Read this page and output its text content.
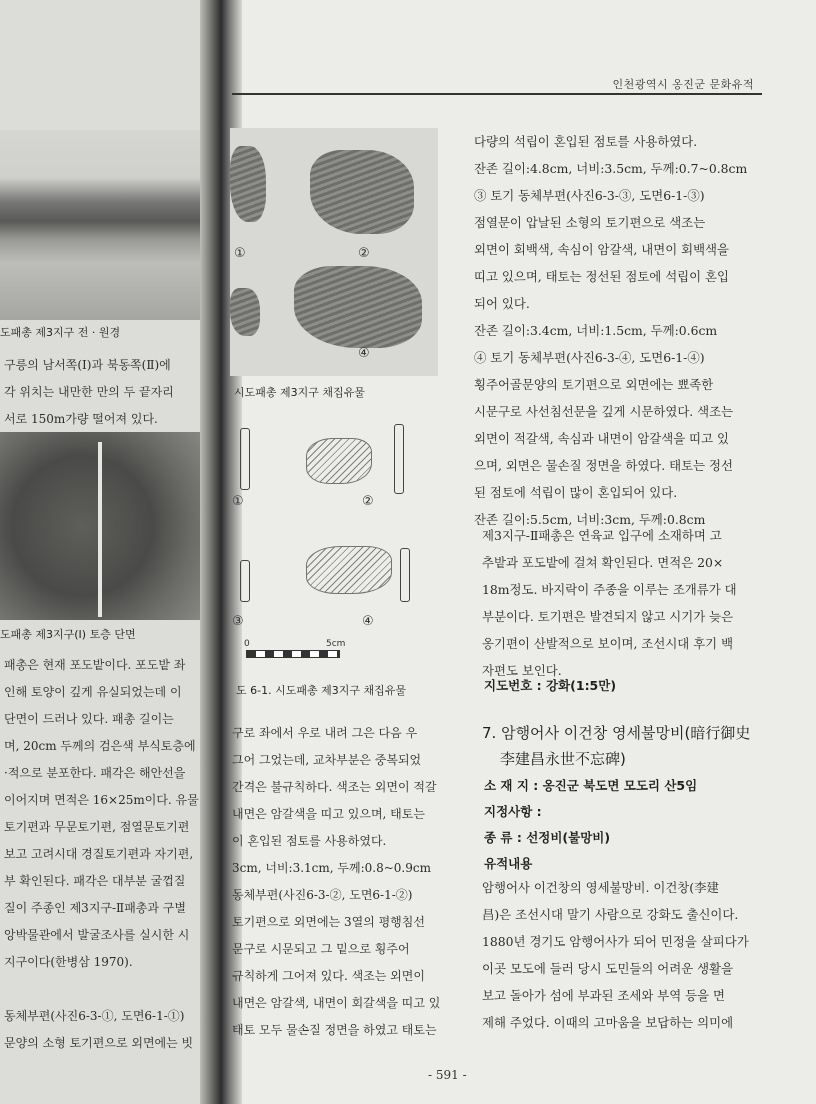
도패총 제3지구 전 · 원경
구릉의 남서쪽(Ⅰ)과 북동쪽(Ⅱ)에
각 위치는 내만한 만의 두 끝자리
서로 150m가량 떨어져 있다.
도패총 제3지구(Ⅰ) 토층 단면
패총은 현재 포도밭이다. 포도밭 좌
인해 토양이 깊게 유실되었는데 이
단면이 드러나 있다. 패총 길이는
며, 20cm 두께의 검은색 부식토층에
·적으로 분포한다. 패각은 해안선을
이어지며 면적은 16×25m이다. 유물
토기편과 무문토기편, 점열문토기편
보고 고려시대 경질토기편과 자기편,
부 확인된다. 패각은 대부분 굴껍질
질이 주종인 제3지구-Ⅱ패총과 구별
앙박물관에서 발굴조사를 실시한 시
지구이다(한병삼 1970).
동체부편(사진6-3-①, 도면6-1-①)
문양의 소형 토기편으로 외면에는 빗
인천광역시 옹진군 문화유적
①	②
④
시도패총 제3지구 채집유물
①	②
③	④
0	5cm
도 6-1. 시도패총 제3지구 채집유물
구로 좌에서 우로 내려 그은 다음 우
그어 그었는데, 교차부분은 중복되었
간격은 불규칙하다. 색조는 외면이 적갈
내면은 암갈색을 띠고 있으며, 태토는
이 혼입된 점토를 사용하였다.
3cm, 너비:3.1cm, 두께:0.8~0.9cm
동체부편(사진6-3-②, 도면6-1-②)
토기편으로 외면에는 3열의 평행침선
문구로 시문되고 그 밑으로 횡주어
규칙하게 그어져 있다. 색조는 외면이
내면은 암갈색, 내면이 회갈색을 띠고 있
태토 모두 물손질 정면을 하였고 태토는
다량의 석립이 혼입된 점토를 사용하였다.
잔존 길이:4.8cm, 너비:3.5cm, 두께:0.7~0.8cm
③ 토기 동체부편(사진6-3-③, 도면6-1-③)
점열문이 압날된 소형의 토기편으로 색조는
외면이 회백색, 속심이 암갈색, 내면이 회백색을
띠고 있으며, 태토는 정선된 점토에 석립이 혼입
되어 있다.
잔존 길이:3.4cm, 너비:1.5cm, 두께:0.6cm
④ 토기 동체부편(사진6-3-④, 도면6-1-④)
횡주어골문양의 토기편으로 외면에는 뾰족한
시문구로 사선침선문을 깊게 시문하였다. 색조는
외면이 적갈색, 속심과 내면이 암갈색을 띠고 있
으며, 외면은 물손질 정면을 하였다. 태토는 정선
된 점토에 석립이 많이 혼입되어 있다.
잔존 길이:5.5cm, 너비:3cm, 두께:0.8cm
제3지구-Ⅱ패총은 연육교 입구에 소재하며 고
추밭과 포도밭에 걸쳐 확인된다. 면적은 20×
18m정도. 바지락이 주종을 이루는 조개류가 대
부분이다. 토기편은 발견되지 않고 시기가 늦은
옹기편이 산발적으로 보이며, 조선시대 후기 백
자편도 보인다.
지도번호 : 강화(1:5만)
7. 암행어사 이건창 영세불망비(暗行御史
李建昌永世不忘碑)
소 재 지 : 옹진군 북도면 모도리 산5임
지정사항 :
종 류 : 선정비(불망비)
유적내용
암행어사 이건창의 영세불망비. 이건창(李建
昌)은 조선시대 말기 사람으로 강화도 출신이다.
1880년 경기도 암행어사가 되어 민정을 살피다가
이곳 모도에 들러 당시 도민들의 어려운 생활을
보고 돌아가 섬에 부과된 조세와 부역 등을 면
제해 주었다. 이때의 고마움을 보답하는 의미에
- 591 -
